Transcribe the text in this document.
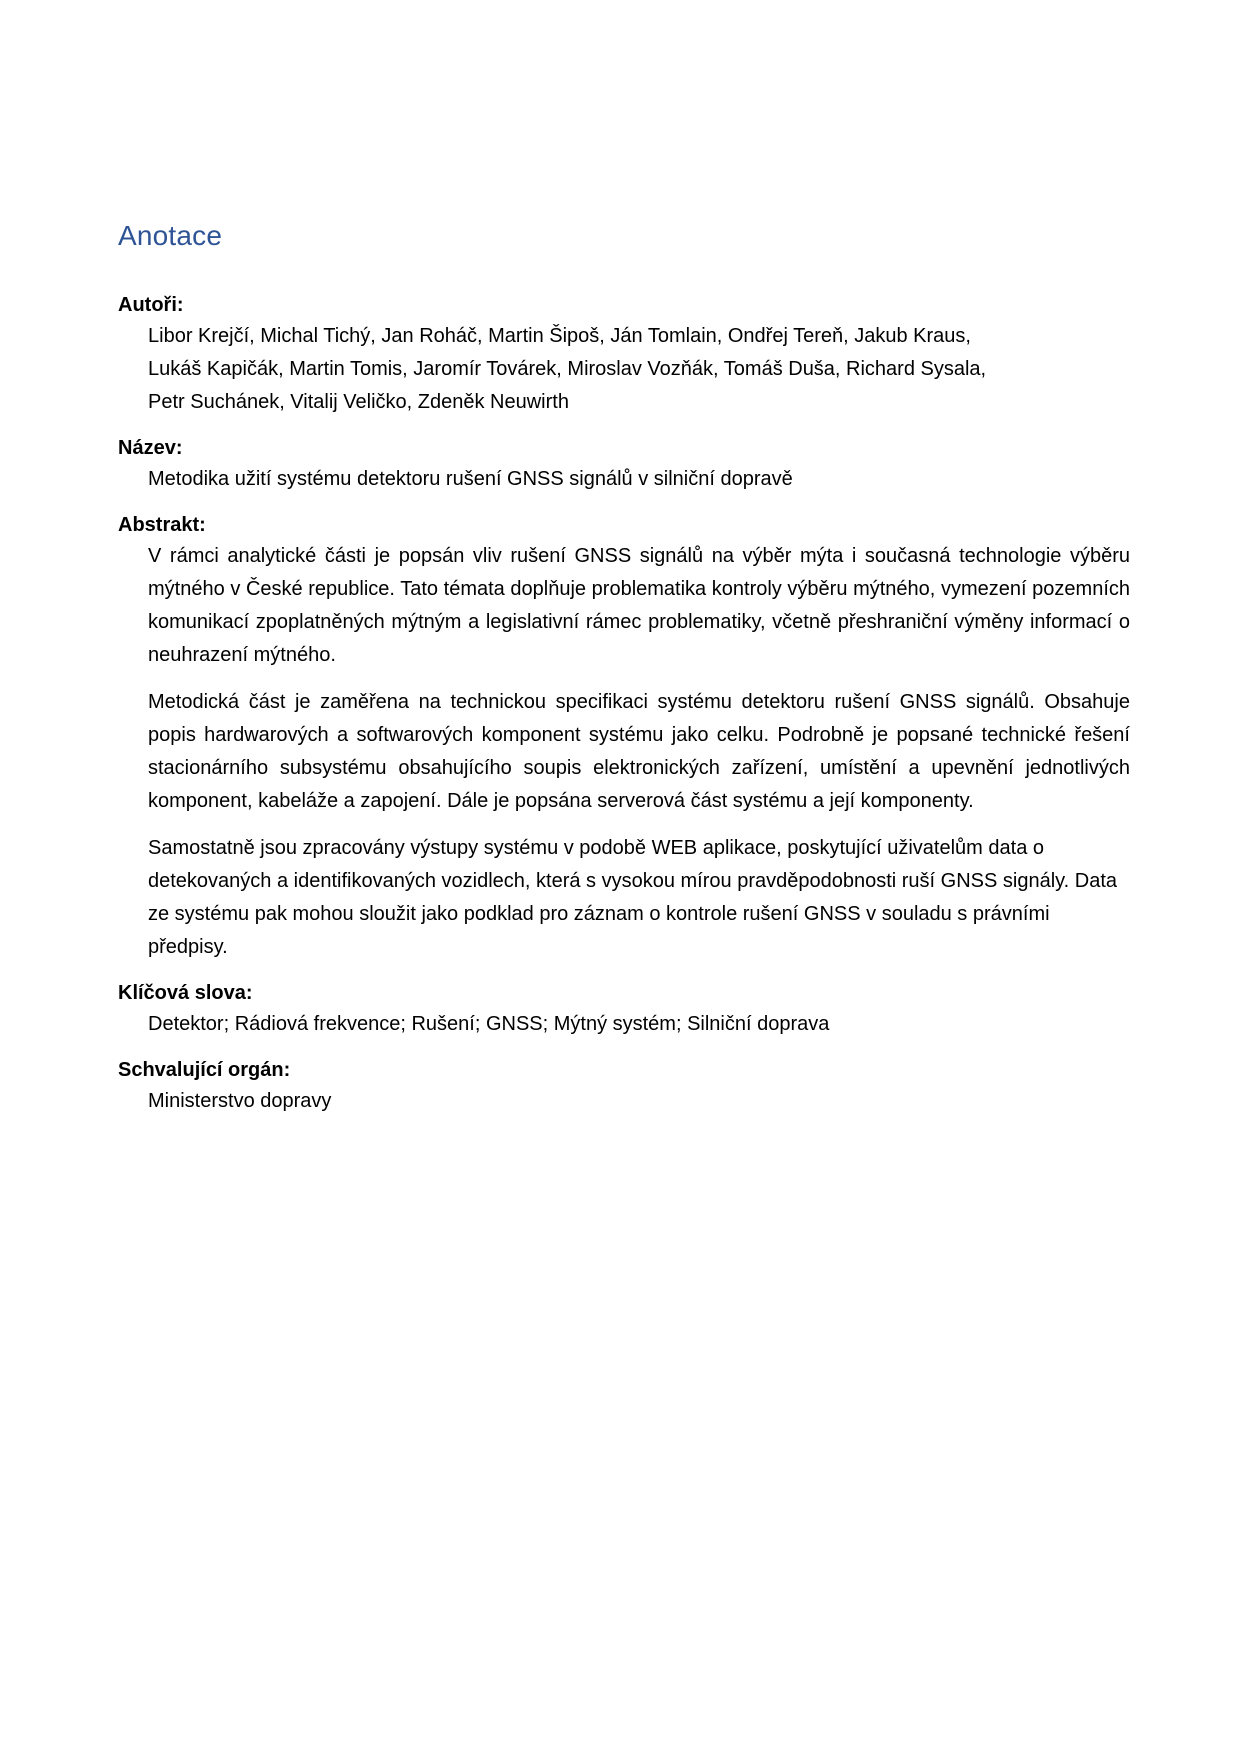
Anotace

Autoři:

Libor Krejčí, Michal Tichý, Jan Roháč, Martin Šipoš, Ján Tomlain, Ondřej Tereň, Jakub Kraus,
Lukáš Kapičák, Martin Tomis, Jaromír Továrek, Miroslav Vozňák, Tomáš Duša, Richard Sysala,
Petr Suchánek, Vitalij Veličko, Zdeněk Neuwirth

Název:

Metodika užití systému detektoru rušení GNSS signálů v silniční dopravě

Abstrakt:

V rámci analytické části je popsán vliv rušení GNSS signálů na výběr mýta i současná technologie výběru mýtného v České republice. Tato témata doplňuje problematika kontroly výběru mýtného, vymezení pozemních komunikací zpoplatněných mýtným a legislativní rámec problematiky, včetně přeshraniční výměny informací o neuhrazení mýtného.

Metodická část je zaměřena na technickou specifikaci systému detektoru rušení GNSS signálů. Obsahuje popis hardwarových a softwarových komponent systému jako celku. Podrobně je popsané technické řešení stacionárního subsystému obsahujícího soupis elektronických zařízení, umístění a upevnění jednotlivých komponent, kabeláže a zapojení. Dále je popsána serverová část systému a její komponenty.

Samostatně jsou zpracovány výstupy systému v podobě WEB aplikace, poskytující uživatelům data o detekovaných a identifikovaných vozidlech, která s vysokou mírou pravděpodobnosti ruší GNSS signály. Data ze systému pak mohou sloužit jako podklad pro záznam o kontrole rušení GNSS v souladu s právními předpisy.

Klíčová slova:

Detektor; Rádiová frekvence; Rušení; GNSS; Mýtný systém; Silniční doprava

Schvalující orgán:

Ministerstvo dopravy
